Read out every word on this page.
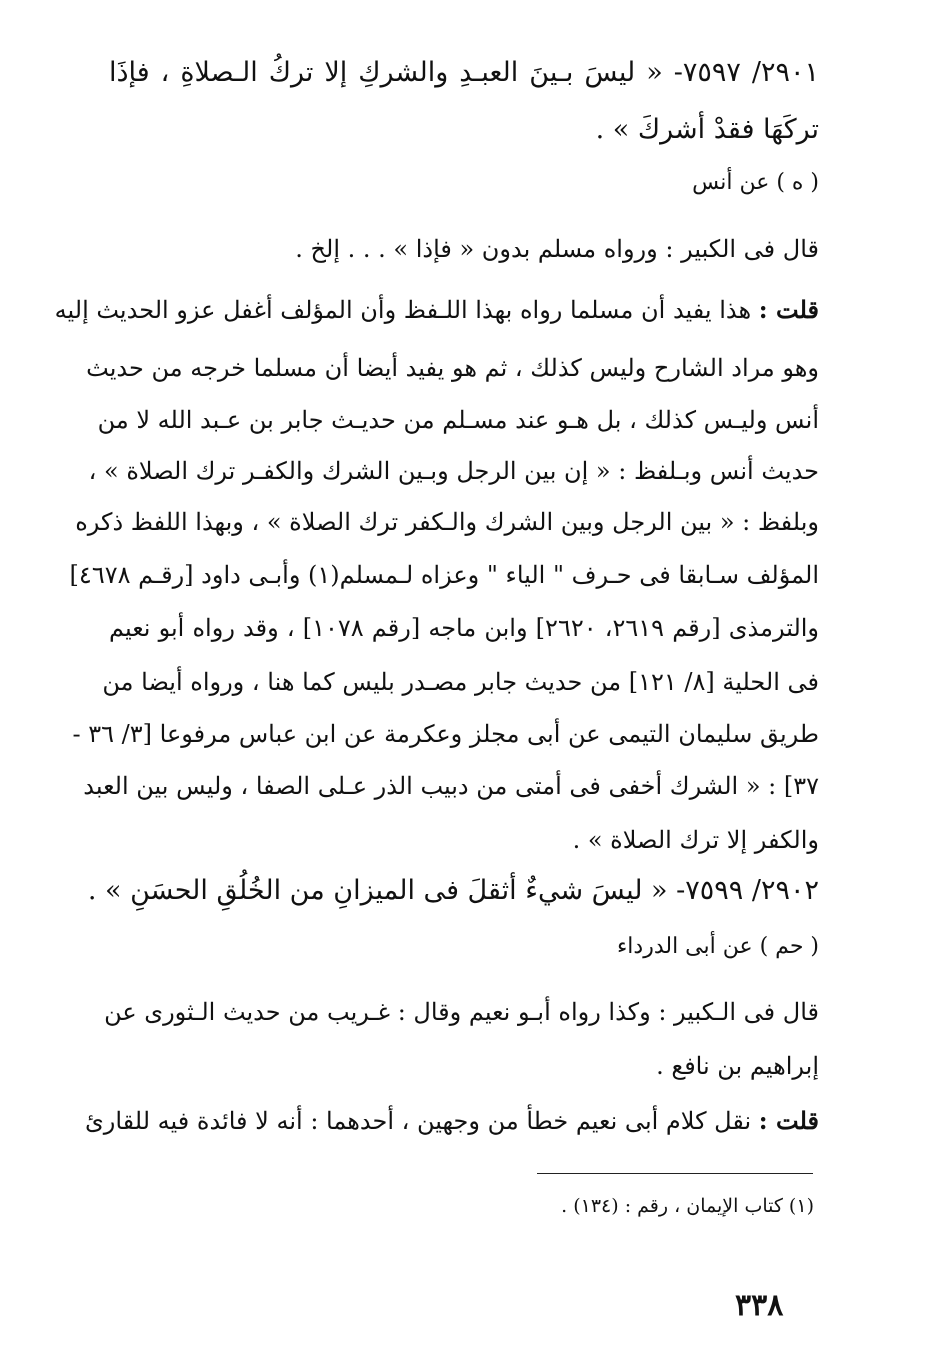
٢٩٠١/ ٧٥٩٧- « ليسَ بـينَ العبـدِ والشركِ إلا تركُ الـصلاةِ ، فإذَا
تركَهَا فقدْ أشركَ » .
( ه ) عن أنس
قال فى الكبير : ورواه مسلم بدون « فإذا » . . . إلخ .
قلت : هذا يفيد أن مسلما رواه بهذا اللـفظ وأن المؤلف أغفل عزو الحديث إليه
وهو مراد الشارح وليس كذلك ، ثم هو يفيد أيضا أن مسلما خرجه من حديث
أنس وليـس كذلك ، بل هـو عند مسـلم من حديـث جابر بن عـبد الله لا من
حديث أنس وبـلفظ : « إن بين الرجل وبـين الشرك والكفـر ترك الصلاة » ،
وبلفظ : « بين الرجل وبين الشرك والـكفر ترك الصلاة » ، وبهذا اللفظ ذكره
المؤلف سـابقا فى حـرف " الياء " وعزاه لـمسلم(١) وأبـى داود [رقـم ٤٦٧٨]
والترمذى [رقم ٢٦١٩، ٢٦٢٠] وابن ماجه [رقم ١٠٧٨] ، وقد رواه أبو نعيم
فى الحلية [٨/ ١٢١] من حديث جابر مصـدر بليس كما هنا ، ورواه أيضا من
طريق سليمان التيمى عن أبى مجلز وعكرمة عن ابن عباس مرفوعا [٣/ ٣٦ -
٣٧] : « الشرك أخفى فى أمتى من دبيب الذر عـلى الصفا ، وليس بين العبد
والكفر إلا ترك الصلاة » .
٢٩٠٢/ ٧٥٩٩- « ليسَ شيءٌ أثقلَ فى الميزانِ من الخُلُقِ الحسَنِ » .
( حم ) عن أبى الدرداء
قال فى الـكبير : وكذا رواه أبـو نعيم وقال : غـريب من حديث الـثورى عن
إبراهيم بن نافع .
قلت : نقل كلام أبى نعيم خطأ من وجهين ، أحدهما : أنه لا فائدة فيه للقارئ
(١) كتاب الإيمان ، رقم : (١٣٤) .
٣٣٨
